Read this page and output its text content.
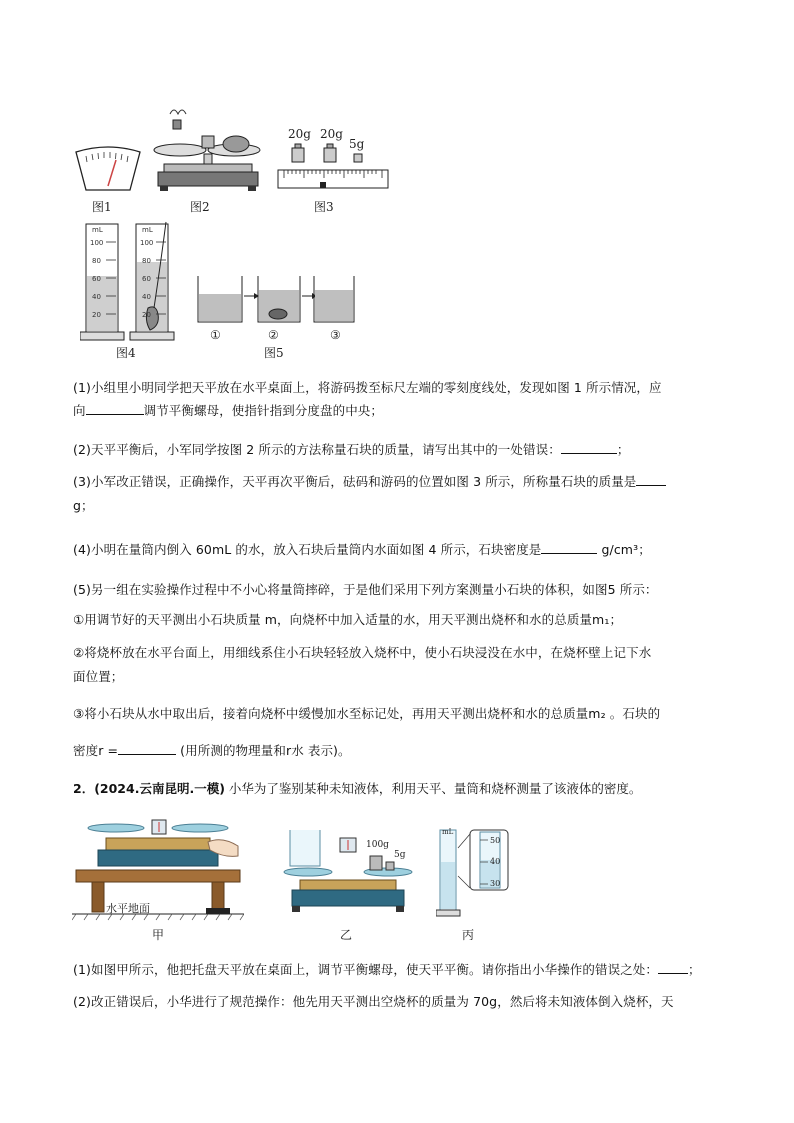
图1	图2
20g 20g
5g
图3
mL
100
80
60
40
20
mL
100
80
60
40
20
图4
①	②	③
图5
(1)小组里小明同学把天平放在水平桌面上，将游码拨至标尺左端的零刻度线处，发现如图 1 所示情况，应
向	调节平衡螺母，使指针指到分度盘的中央；
(2)天平平衡后，小军同学按图 2 所示的方法称量石块的质量，请写出其中的一处错误：	；
(3)小军改正错误，正确操作，天平再次平衡后，砝码和游码的位置如图 3 所示，所称量石块的质量是
g；
(4)小明在量筒内倒入 60mL 的水，放入石块后量筒内水面如图 4 所示，石块密度是	g/cm³；
(5)另一组在实验操作过程中不小心将量筒摔碎，于是他们采用下列方案测量小石块的体积，如图5 所示：
①用调节好的天平测出小石块质量 m，向烧杯中加入适量的水，用天平测出烧杯和水的总质量m₁；
②将烧杯放在水平台面上，用细线系住小石块轻轻放入烧杯中，使小石块浸没在水中，在烧杯壁上记下水
面位置；
③将小石块从水中取出后，接着向烧杯中缓慢加水至标记处，再用天平测出烧杯和水的总质量m₂ 。石块的
密度r =	(用所测的物理量和r水 表示)。
2．(2024.云南昆明.一模) 小华为了鉴别某种未知液体，利用天平、量筒和烧杯测量了该液体的密度。
水平地面
甲
100g
5g
乙
mL
50
40
30
丙
(1)如图甲所示，他把托盘天平放在桌面上，调节平衡螺母，使天平平衡。请你指出小华操作的错误之处： ；
(2)改正错误后，小华进行了规范操作：他先用天平测出空烧杯的质量为 70g，然后将未知液体倒入烧杯，天
